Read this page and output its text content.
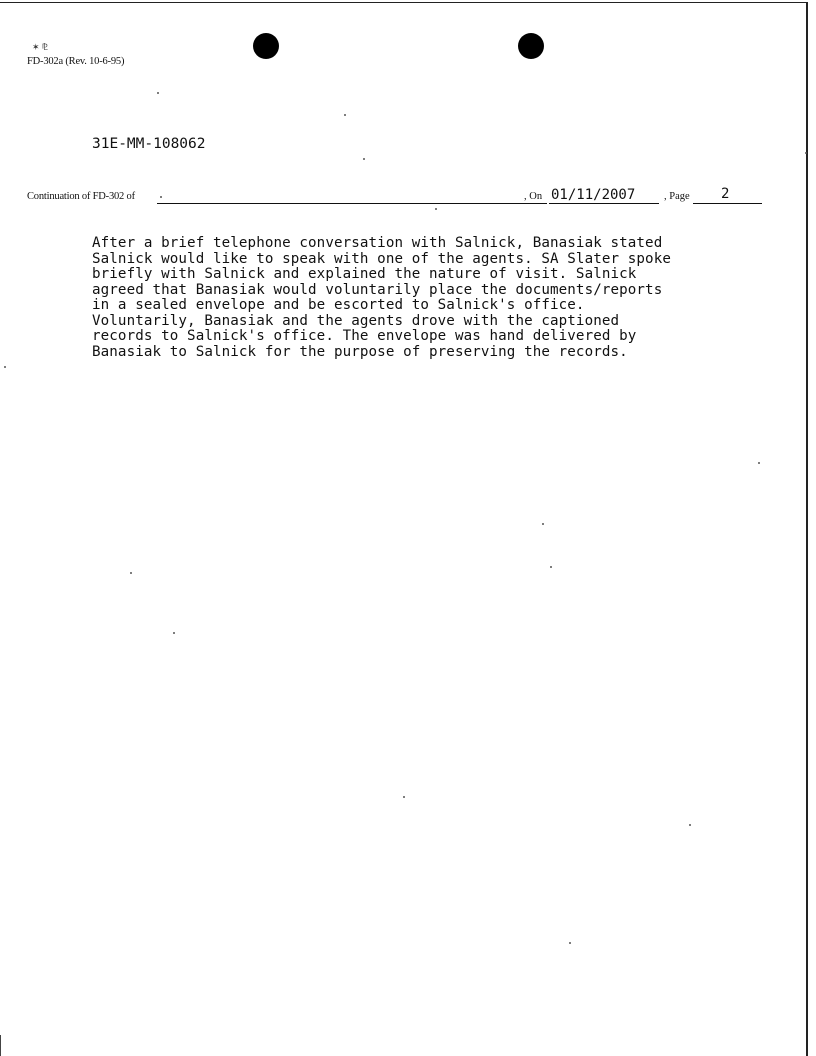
✶ ⅊
FD-302a (Rev. 10-6-95)
31E-MM-108062
Continuation of FD-302 of	, On 01/11/2007	, Page 2
After a brief telephone conversation with Salnick, Banasiak stated
Salnick would like to speak with one of the agents. SA Slater spoke
briefly with Salnick and explained the nature of visit. Salnick
agreed that Banasiak would voluntarily place the documents/reports
in a sealed envelope and be escorted to Salnick's office.
Voluntarily, Banasiak and the agents drove with the captioned
records to Salnick's office. The envelope was hand delivered by
Banasiak to Salnick for the purpose of preserving the records.
